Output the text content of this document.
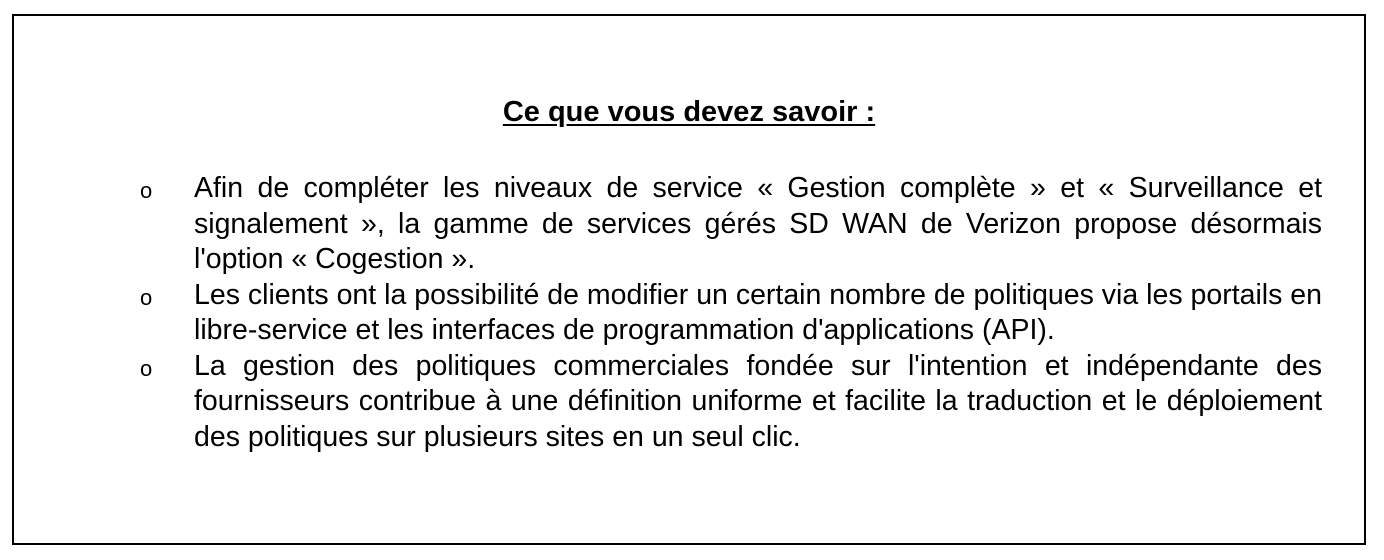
Ce que vous devez savoir :
o	Afin de compléter les niveaux de service « Gestion complète » et « Surveillance et signalement », la gamme de services gérés SD WAN de Verizon propose désormais l'option « Cogestion ».
o	Les clients ont la possibilité de modifier un certain nombre de politiques via les portails en libre-service et les interfaces de programmation d'applications (API).
o	La gestion des politiques commerciales fondée sur l'intention et indépendante des fournisseurs contribue à une définition uniforme et facilite la traduction et le déploiement des politiques sur plusieurs sites en un seul clic.
